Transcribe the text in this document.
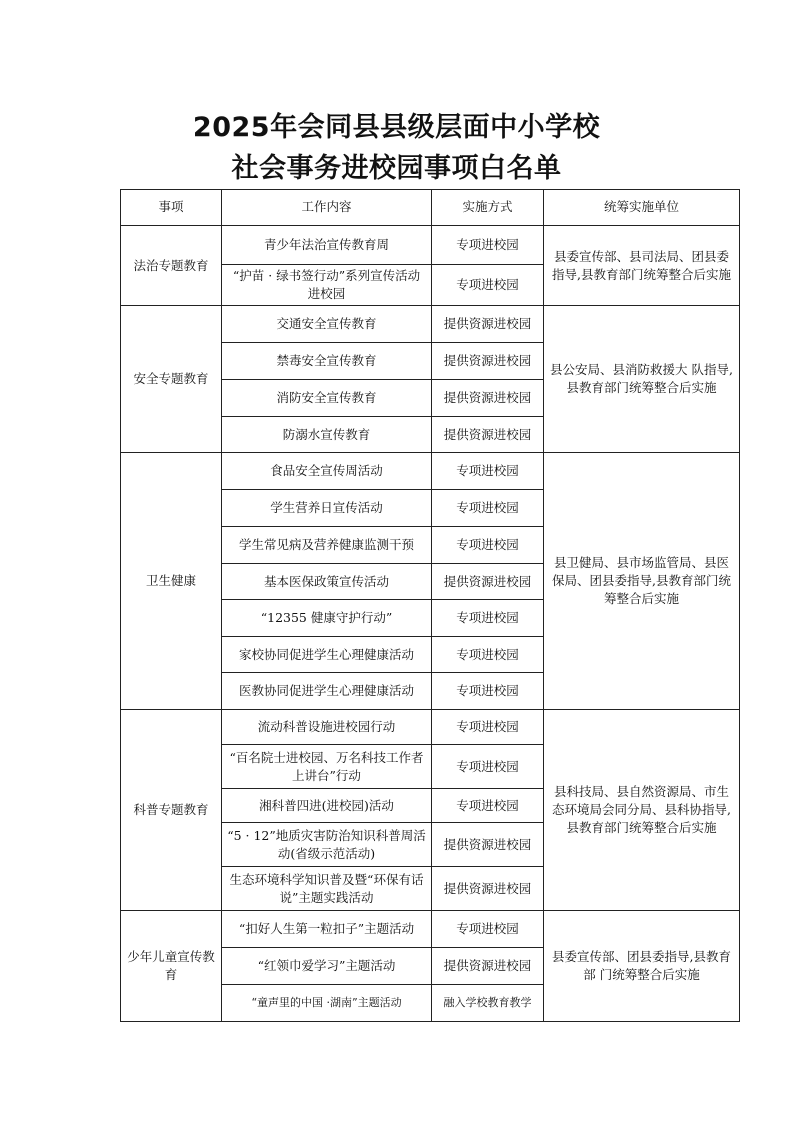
2025年会同县县级层面中小学校
社会事务进校园事项白名单
事项	工作内容	实施方式	统筹实施单位
法治专题教育	青少年法治宣传教育周	专项进校园	县委宣传部、县司法局、团县委指导,县教育部门统筹整合后实施
	“护苗 · 绿书签行动”系列宣传活动进校园	专项进校园	
安全专题教育	交通安全宣传教育	提供资源进校园	县公安局、县消防救援大 队指导,县教育部门统筹整合后实施
	禁毒安全宣传教育	提供资源进校园	
	消防安全宣传教育	提供资源进校园	
	防溺水宣传教育	提供资源进校园	
卫生健康	食品安全宣传周活动	专项进校园	县卫健局、县市场监管局、县医保局、团县委指导,县教育部门统筹整合后实施
	学生营养日宣传活动	专项进校园	
	学生常见病及营养健康监测干预	专项进校园	
	基本医保政策宣传活动	提供资源进校园	
	“12355 健康守护行动”	专项进校园	
	家校协同促进学生心理健康活动	专项进校园	
	医教协同促进学生心理健康活动	专项进校园	
科普专题教育	流动科普设施进校园行动	专项进校园	县科技局、县自然资源局、市生态环境局会同分局、县科协指导,县教育部门统筹整合后实施
	“百名院士进校园、万名科技工作者上讲台”行动	专项进校园	
	湘科普四进(进校园)活动	专项进校园	
	“5 · 12”地质灾害防治知识科普周活动(省级示范活动)	提供资源进校园	
	生态环境科学知识普及暨“环保有话说”主题实践活动	提供资源进校园	
少年儿童宣传教育	“扣好人生第一粒扣子”主题活动	专项进校园	县委宣传部、团县委指导,县教育部 门统筹整合后实施
	“红领巾爱学习”主题活动	提供资源进校园	
	“童声里的中国 ·湖南”主题活动	融入学校教育教学	
